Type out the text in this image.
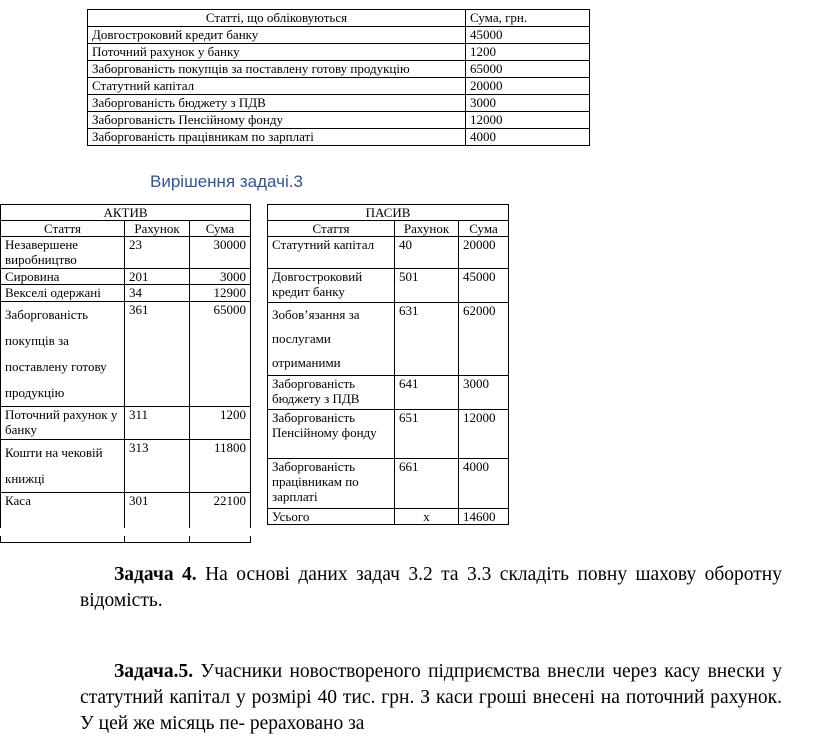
Статті, що обліковуються	Сума, грн.
Довгостроковий кредит банку	45000
Поточний рахунок у банку	1200
Заборгованість покупців за поставлену готову продукцію	65000
Статутний капітал	20000
Заборгованість бюджету з ПДВ	3000
Заборгованість Пенсійному фонду	12000
Заборгованість працівникам по зарплаті	4000
Вирішення задачі.3
АКТИВ		
Стаття	Рахунок	Сума
Незавершене виробництво	23	30000
Сировина	201	3000
Векселі одержані	34	12900
Заборгованість покупців за поставлену готову продукцію	361	65000
Поточний рахунок у банку	311	1200
Кошти на чековій книжці	313	11800
Каса	301	22100
ПАСИВ		
Стаття	Рахунок	Сума
Статутний капітал	40	20000
Довгостроковий кредит банку	501	45000
Зобов’язання за послугами отриманими	631	62000
Заборгованість бюджету з ПДВ	641	3000
Заборгованість Пенсійному фонду	651	12000
Заборгованість працівникам по зарплаті	661	4000
Усього	х	14600
Задача 4. На основі даних задач 3.2 та 3.3 складіть повну шахову оборотну відомість.
Задача.5. Учасники новоствореного підприємства внесли через касу внески у статутний капітал у розмірі 40 тис. грн. З каси гроші внесені на поточний рахунок. У цей же місяць пе- рераховано за
